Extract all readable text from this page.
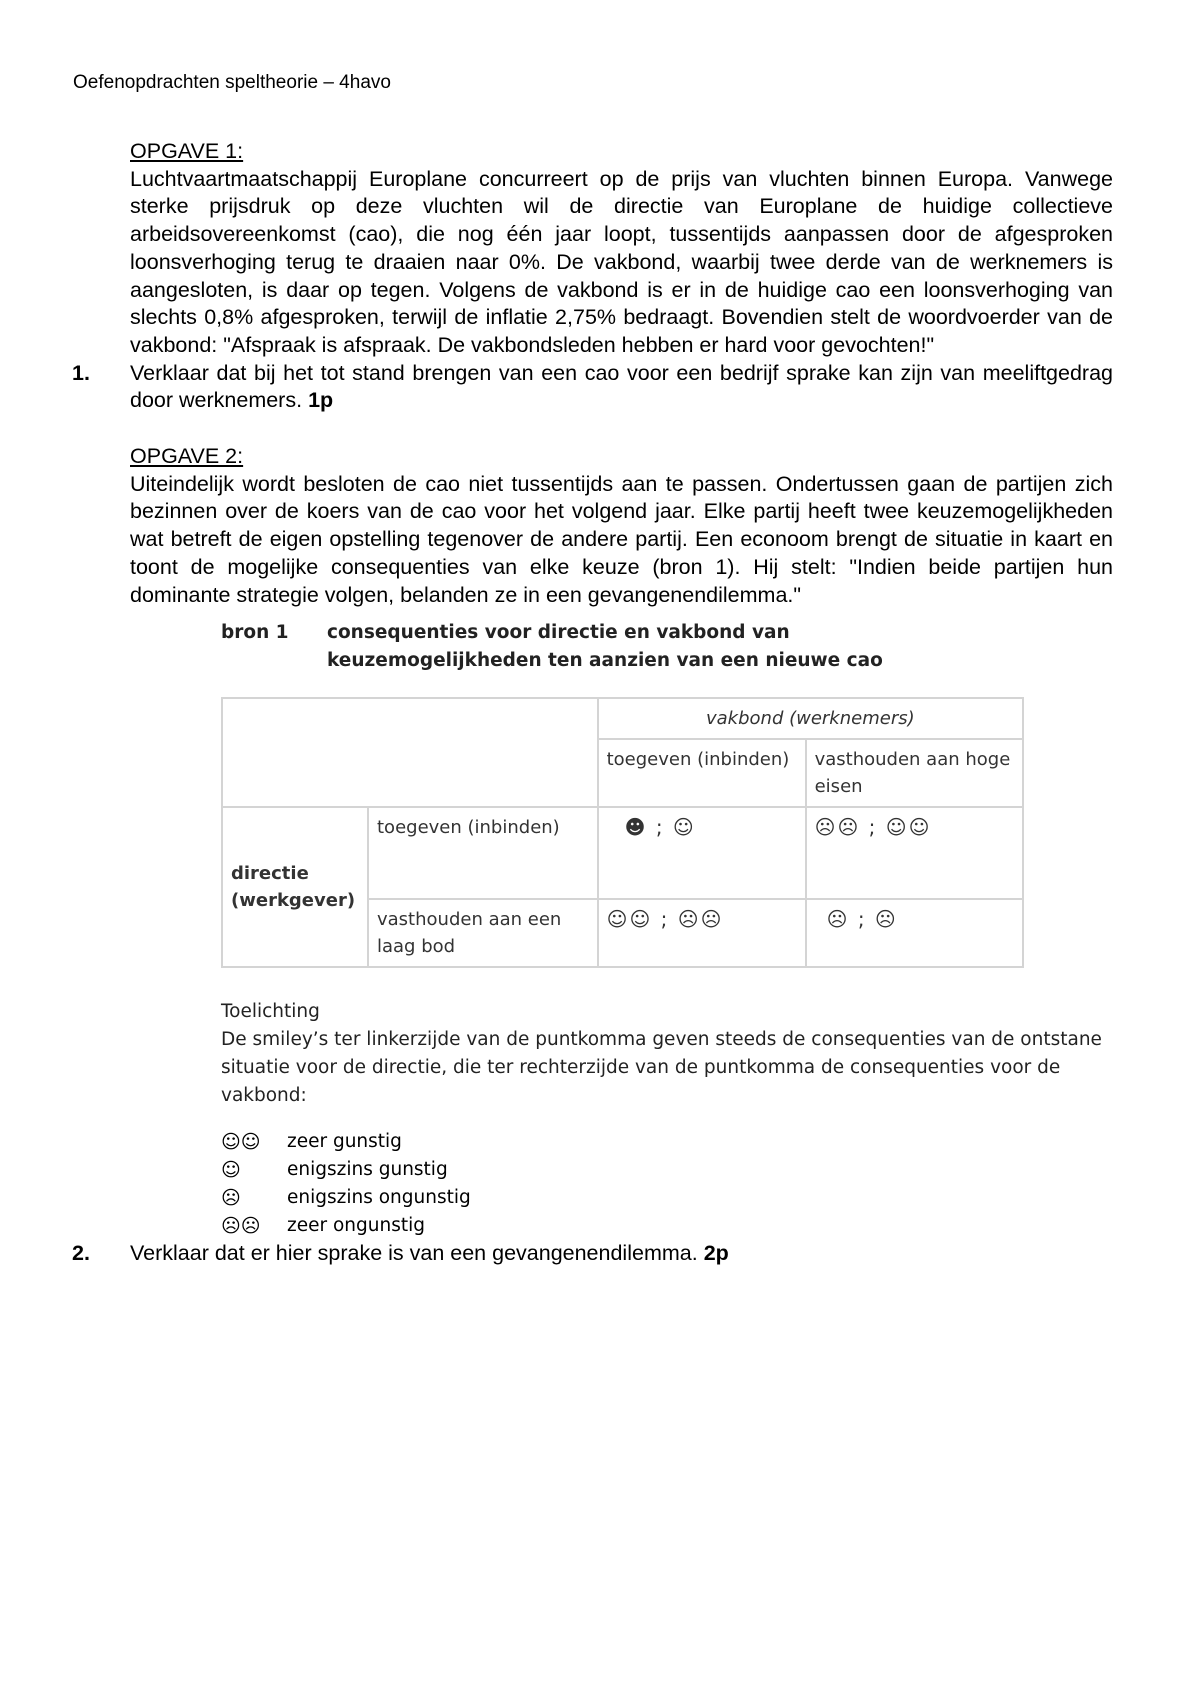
Oefenopdrachten speltheorie – 4havo

OPGAVE 1:

Luchtvaartmaatschappij Europlane concurreert op de prijs van vluchten binnen Europa. Vanwege sterke prijsdruk op deze vluchten wil de directie van Europlane de huidige collectieve arbeidsovereenkomst (cao), die nog één jaar loopt, tussentijds aanpassen door de afgesproken loonsverhoging terug te draaien naar 0%. De vakbond, waarbij twee derde van de werknemers is aangesloten, is daar op tegen. Volgens de vakbond is er in de huidige cao een loonsverhoging van slechts 0,8% afgesproken, terwijl de inflatie 2,75% bedraagt. Bovendien stelt de woordvoerder van de vakbond: "Afspraak is afspraak. De vakbondsleden hebben er hard voor gevochten!"

1. Verklaar dat bij het tot stand brengen van een cao voor een bedrijf sprake kan zijn van meeliftgedrag door werknemers. 1p

OPGAVE 2:

Uiteindelijk wordt besloten de cao niet tussentijds aan te passen. Ondertussen gaan de partijen zich bezinnen over de koers van de cao voor het volgend jaar. Elke partij heeft twee keuzemogelijkheden wat betreft de eigen opstelling tegenover de andere partij. Een econoom brengt de situatie in kaart en toont de mogelijke consequenties van elke keuze (bron 1). Hij stelt: "Indien beide partijen hun dominante strategie volgen, belanden ze in een gevangenendilemma."

bron 1	consequenties voor directie en vakbond van keuzemogelijkheden ten aanzien van een nieuwe cao
		vakbond (werknemers)	
		toegeven (inbinden)	vasthouden aan hoge eisen
directie (werkgever)	toegeven (inbinden)	☻ ; ☺	☹☹ ; ☺☺
	vasthouden aan een laag bod	☺☺ ; ☹☹	☹ ; ☹
Toelichting
De smiley’s ter linkerzijde van de puntkomma geven steeds de consequenties van de ontstane situatie voor de directie, die ter rechterzijde van de puntkomma de consequenties voor de vakbond:
☺☺	zeer gunstig
☺	enigszins gunstig
☹	enigszins ongunstig
☹☹	zeer ongunstig
2. Verklaar dat er hier sprake is van een gevangenendilemma. 2p
